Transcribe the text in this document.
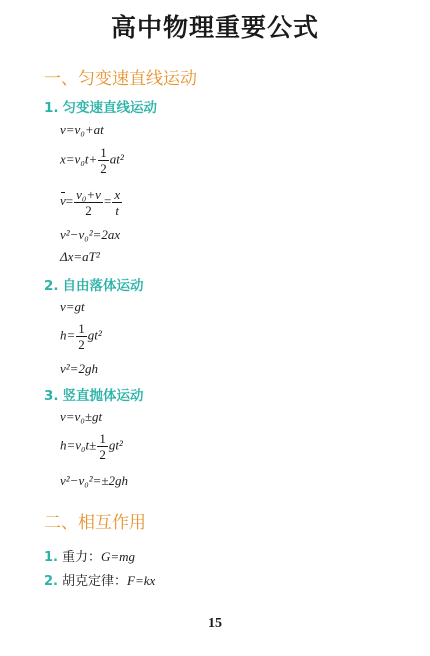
高中物理重要公式
一、匀变速直线运动
1. 匀变速直线运动
v=v₀+at
$x=v_0t+ \frac{1}{2} at^2$
$v= \frac{\text{v₀+v}}{2} = \frac{x}{t}$
v²−v₀²=2ax
Δx=aT²
2. 自由落体运动
v=gt
$h= \frac{1}{2} gt^2$
v²=2gh
3. 竖直抛体运动
v=v₀±gt
$h=v_0t\pm \frac{1}{2} gt^2$
v²−v₀²=±2gh
二、相互作用
1. 重力：G=mg
2. 胡克定律：F=kx
15
